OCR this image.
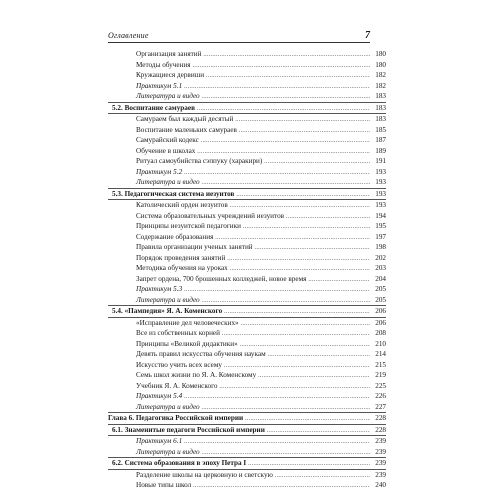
Оглавление	7
Организация занятий . . .	180
Методы обучения . . .	180
Кружащиеся дервиши . . .	182
Практикум 5.1 . . .	182
Литература и видео . . .	183
5.2. Воспитание самураев . . .	183
Самураем был каждый десятый . . .	183
Воспитание маленьких самураев . . .	185
Самурайский кодекс . . .	187
Обучение в школах . . .	189
Ритуал самоубийства сэппуку (харакири) . . .	191
Практикум 5.2 . . .	193
Литература и видео . . .	193
5.3. Педагогическая система иезуитов . . .	193
Католический орден иезуитов . . .	193
Система образовательных учреждений иезуитов . . .	194
Принципы иезуитской педагогики . . .	195
Содержание образования . . .	197
Правила организации ученых занятий . . .	198
Порядок проведения занятий . . .	202
Методика обучения на уроках . . .	203
Запрет ордена, 700 брошенных колледжей, новое время . . .	204
Практикум 5.3 . . .	205
Литература и видео . . .	205
5.4. «Пампедия» Я. А. Коменского . . .	206
«Исправление дел человеческих» . . .	206
Все из собственных корней . . .	208
Принципы «Великой дидактики» . . .	210
Девять правил искусства обучения наукам . . .	214
Искусство учить всех всему . . .	215
Семь школ жизни по Я. А. Коменскому . . .	219
Учебник Я. А. Коменского . . .	225
Практикум 5.4 . . .	226
Литература и видео . . .	227
Глава 6. Педагогика Российской империи . . .	228
6.1. Знаменитые педагоги Российской империи . . .	228
Практикум 6.1 . . .	239
Литература и видео . . .	239
6.2. Система образования в эпоху Петра I . . .	239
Разделение школы на церковную и светскую . . .	239
Новые типы школ . . .	240
